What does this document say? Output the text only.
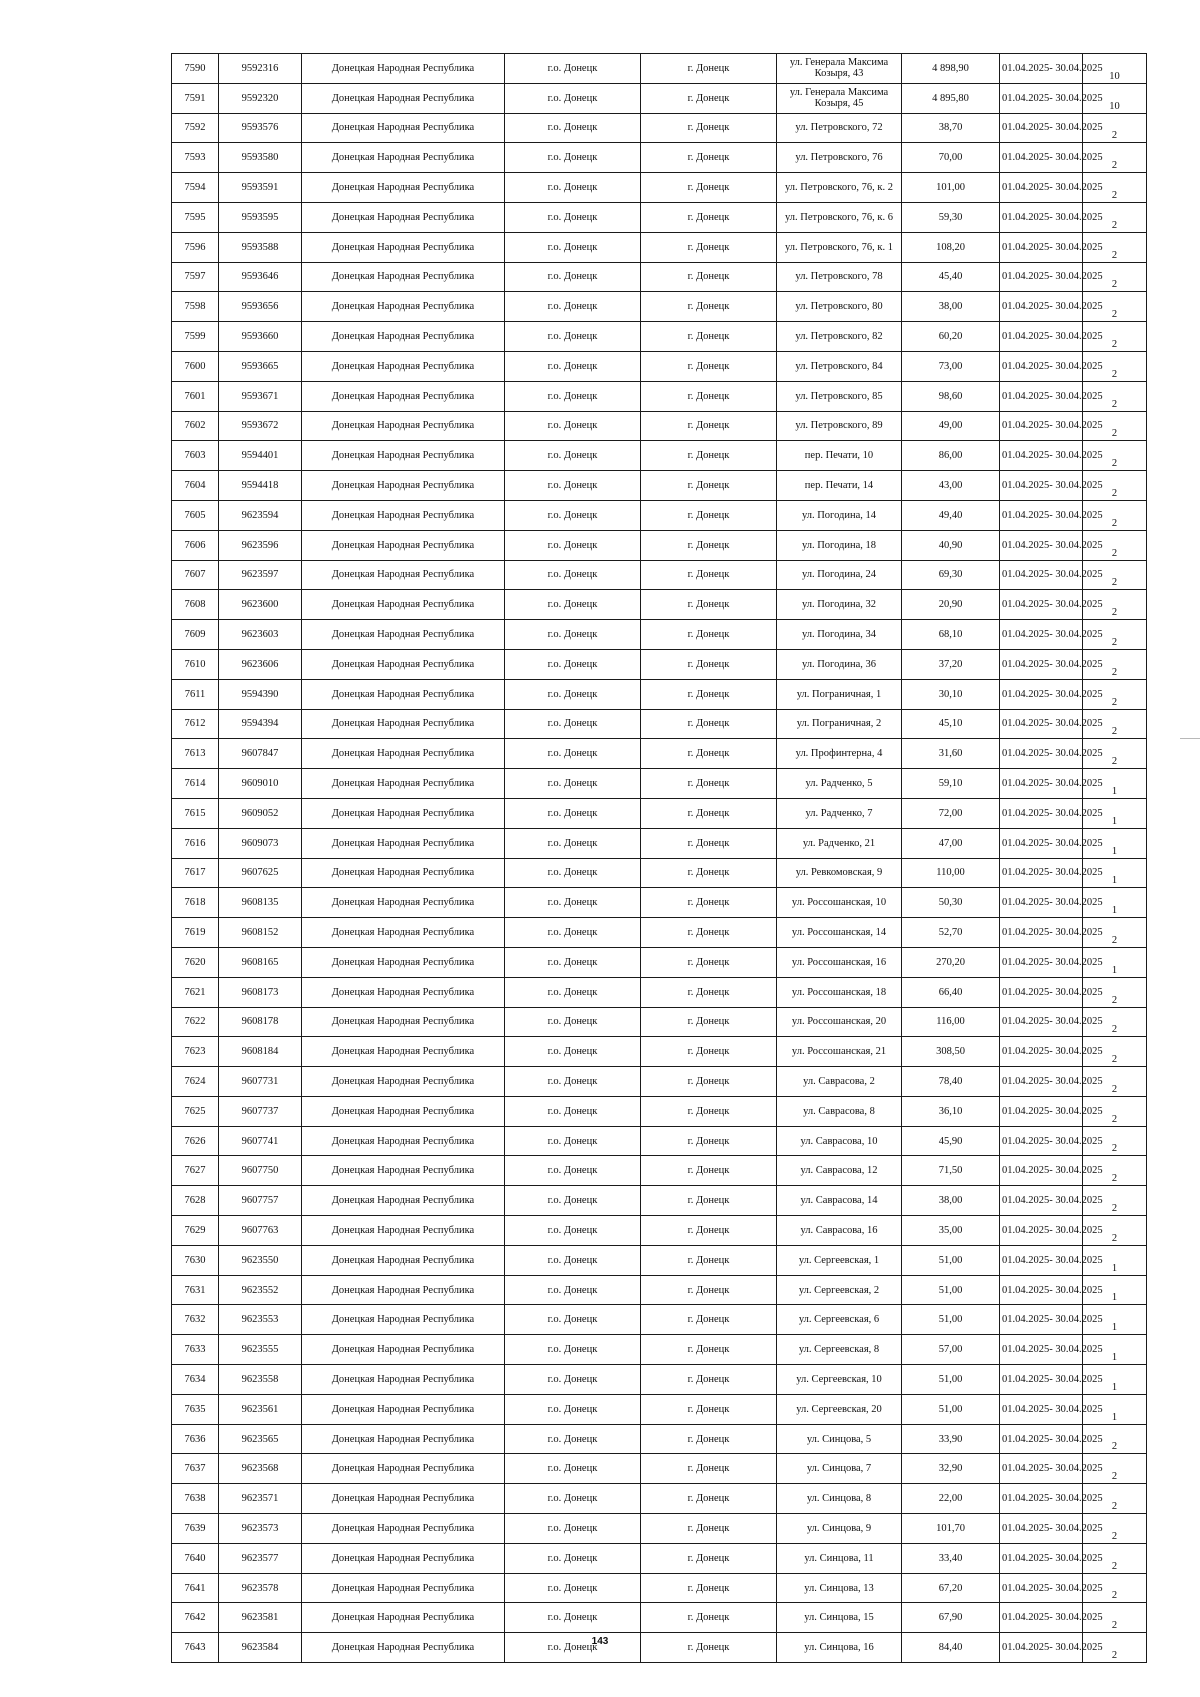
7590	9592316	Донецкая Народная Республика	г.о. Донецк	г. Донецк	ул. Генерала Максима Козыря, 43	4 898,90	01.04.2025- 30.04.2025	10
7591	9592320	Донецкая Народная Республика	г.о. Донецк	г. Донецк	ул. Генерала Максима Козыря, 45	4 895,80	01.04.2025- 30.04.2025	10
7592	9593576	Донецкая Народная Республика	г.о. Донецк	г. Донецк	ул. Петровского, 72	38,70	01.04.2025- 30.04.2025	2
7593	9593580	Донецкая Народная Республика	г.о. Донецк	г. Донецк	ул. Петровского, 76	70,00	01.04.2025- 30.04.2025	2
7594	9593591	Донецкая Народная Республика	г.о. Донецк	г. Донецк	ул. Петровского, 76, к. 2	101,00	01.04.2025- 30.04.2025	2
7595	9593595	Донецкая Народная Республика	г.о. Донецк	г. Донецк	ул. Петровского, 76, к. 6	59,30	01.04.2025- 30.04.2025	2
7596	9593588	Донецкая Народная Республика	г.о. Донецк	г. Донецк	ул. Петровского, 76, к. 1	108,20	01.04.2025- 30.04.2025	2
7597	9593646	Донецкая Народная Республика	г.о. Донецк	г. Донецк	ул. Петровского, 78	45,40	01.04.2025- 30.04.2025	2
7598	9593656	Донецкая Народная Республика	г.о. Донецк	г. Донецк	ул. Петровского, 80	38,00	01.04.2025- 30.04.2025	2
7599	9593660	Донецкая Народная Республика	г.о. Донецк	г. Донецк	ул. Петровского, 82	60,20	01.04.2025- 30.04.2025	2
7600	9593665	Донецкая Народная Республика	г.о. Донецк	г. Донецк	ул. Петровского, 84	73,00	01.04.2025- 30.04.2025	2
7601	9593671	Донецкая Народная Республика	г.о. Донецк	г. Донецк	ул. Петровского, 85	98,60	01.04.2025- 30.04.2025	2
7602	9593672	Донецкая Народная Республика	г.о. Донецк	г. Донецк	ул. Петровского, 89	49,00	01.04.2025- 30.04.2025	2
7603	9594401	Донецкая Народная Республика	г.о. Донецк	г. Донецк	пер. Печати, 10	86,00	01.04.2025- 30.04.2025	2
7604	9594418	Донецкая Народная Республика	г.о. Донецк	г. Донецк	пер. Печати, 14	43,00	01.04.2025- 30.04.2025	2
7605	9623594	Донецкая Народная Республика	г.о. Донецк	г. Донецк	ул. Погодина, 14	49,40	01.04.2025- 30.04.2025	2
7606	9623596	Донецкая Народная Республика	г.о. Донецк	г. Донецк	ул. Погодина, 18	40,90	01.04.2025- 30.04.2025	2
7607	9623597	Донецкая Народная Республика	г.о. Донецк	г. Донецк	ул. Погодина, 24	69,30	01.04.2025- 30.04.2025	2
7608	9623600	Донецкая Народная Республика	г.о. Донецк	г. Донецк	ул. Погодина, 32	20,90	01.04.2025- 30.04.2025	2
7609	9623603	Донецкая Народная Республика	г.о. Донецк	г. Донецк	ул. Погодина, 34	68,10	01.04.2025- 30.04.2025	2
7610	9623606	Донецкая Народная Республика	г.о. Донецк	г. Донецк	ул. Погодина, 36	37,20	01.04.2025- 30.04.2025	2
7611	9594390	Донецкая Народная Республика	г.о. Донецк	г. Донецк	ул. Пограничная, 1	30,10	01.04.2025- 30.04.2025	2
7612	9594394	Донецкая Народная Республика	г.о. Донецк	г. Донецк	ул. Пограничная, 2	45,10	01.04.2025- 30.04.2025	2
7613	9607847	Донецкая Народная Республика	г.о. Донецк	г. Донецк	ул. Профинтерна, 4	31,60	01.04.2025- 30.04.2025	2
7614	9609010	Донецкая Народная Республика	г.о. Донецк	г. Донецк	ул. Радченко, 5	59,10	01.04.2025- 30.04.2025	1
7615	9609052	Донецкая Народная Республика	г.о. Донецк	г. Донецк	ул. Радченко, 7	72,00	01.04.2025- 30.04.2025	1
7616	9609073	Донецкая Народная Республика	г.о. Донецк	г. Донецк	ул. Радченко, 21	47,00	01.04.2025- 30.04.2025	1
7617	9607625	Донецкая Народная Республика	г.о. Донецк	г. Донецк	ул. Ревкомовская, 9	110,00	01.04.2025- 30.04.2025	1
7618	9608135	Донецкая Народная Республика	г.о. Донецк	г. Донецк	ул. Россошанская, 10	50,30	01.04.2025- 30.04.2025	1
7619	9608152	Донецкая Народная Республика	г.о. Донецк	г. Донецк	ул. Россошанская, 14	52,70	01.04.2025- 30.04.2025	2
7620	9608165	Донецкая Народная Республика	г.о. Донецк	г. Донецк	ул. Россошанская, 16	270,20	01.04.2025- 30.04.2025	1
7621	9608173	Донецкая Народная Республика	г.о. Донецк	г. Донецк	ул. Россошанская, 18	66,40	01.04.2025- 30.04.2025	2
7622	9608178	Донецкая Народная Республика	г.о. Донецк	г. Донецк	ул. Россошанская, 20	116,00	01.04.2025- 30.04.2025	2
7623	9608184	Донецкая Народная Республика	г.о. Донецк	г. Донецк	ул. Россошанская, 21	308,50	01.04.2025- 30.04.2025	2
7624	9607731	Донецкая Народная Республика	г.о. Донецк	г. Донецк	ул. Саврасова, 2	78,40	01.04.2025- 30.04.2025	2
7625	9607737	Донецкая Народная Республика	г.о. Донецк	г. Донецк	ул. Саврасова, 8	36,10	01.04.2025- 30.04.2025	2
7626	9607741	Донецкая Народная Республика	г.о. Донецк	г. Донецк	ул. Саврасова, 10	45,90	01.04.2025- 30.04.2025	2
7627	9607750	Донецкая Народная Республика	г.о. Донецк	г. Донецк	ул. Саврасова, 12	71,50	01.04.2025- 30.04.2025	2
7628	9607757	Донецкая Народная Республика	г.о. Донецк	г. Донецк	ул. Саврасова, 14	38,00	01.04.2025- 30.04.2025	2
7629	9607763	Донецкая Народная Республика	г.о. Донецк	г. Донецк	ул. Саврасова, 16	35,00	01.04.2025- 30.04.2025	2
7630	9623550	Донецкая Народная Республика	г.о. Донецк	г. Донецк	ул. Сергеевская, 1	51,00	01.04.2025- 30.04.2025	1
7631	9623552	Донецкая Народная Республика	г.о. Донецк	г. Донецк	ул. Сергеевская, 2	51,00	01.04.2025- 30.04.2025	1
7632	9623553	Донецкая Народная Республика	г.о. Донецк	г. Донецк	ул. Сергеевская, 6	51,00	01.04.2025- 30.04.2025	1
7633	9623555	Донецкая Народная Республика	г.о. Донецк	г. Донецк	ул. Сергеевская, 8	57,00	01.04.2025- 30.04.2025	1
7634	9623558	Донецкая Народная Республика	г.о. Донецк	г. Донецк	ул. Сергеевская, 10	51,00	01.04.2025- 30.04.2025	1
7635	9623561	Донецкая Народная Республика	г.о. Донецк	г. Донецк	ул. Сергеевская, 20	51,00	01.04.2025- 30.04.2025	1
7636	9623565	Донецкая Народная Республика	г.о. Донецк	г. Донецк	ул. Синцова, 5	33,90	01.04.2025- 30.04.2025	2
7637	9623568	Донецкая Народная Республика	г.о. Донецк	г. Донецк	ул. Синцова, 7	32,90	01.04.2025- 30.04.2025	2
7638	9623571	Донецкая Народная Республика	г.о. Донецк	г. Донецк	ул. Синцова, 8	22,00	01.04.2025- 30.04.2025	2
7639	9623573	Донецкая Народная Республика	г.о. Донецк	г. Донецк	ул. Синцова, 9	101,70	01.04.2025- 30.04.2025	2
7640	9623577	Донецкая Народная Республика	г.о. Донецк	г. Донецк	ул. Синцова, 11	33,40	01.04.2025- 30.04.2025	2
7641	9623578	Донецкая Народная Республика	г.о. Донецк	г. Донецк	ул. Синцова, 13	67,20	01.04.2025- 30.04.2025	2
7642	9623581	Донецкая Народная Республика	г.о. Донецк	г. Донецк	ул. Синцова, 15	67,90	01.04.2025- 30.04.2025	2
7643	9623584	Донецкая Народная Республика	г.о. Донецк	г. Донецк	ул. Синцова, 16	84,40	01.04.2025- 30.04.2025	2
143
